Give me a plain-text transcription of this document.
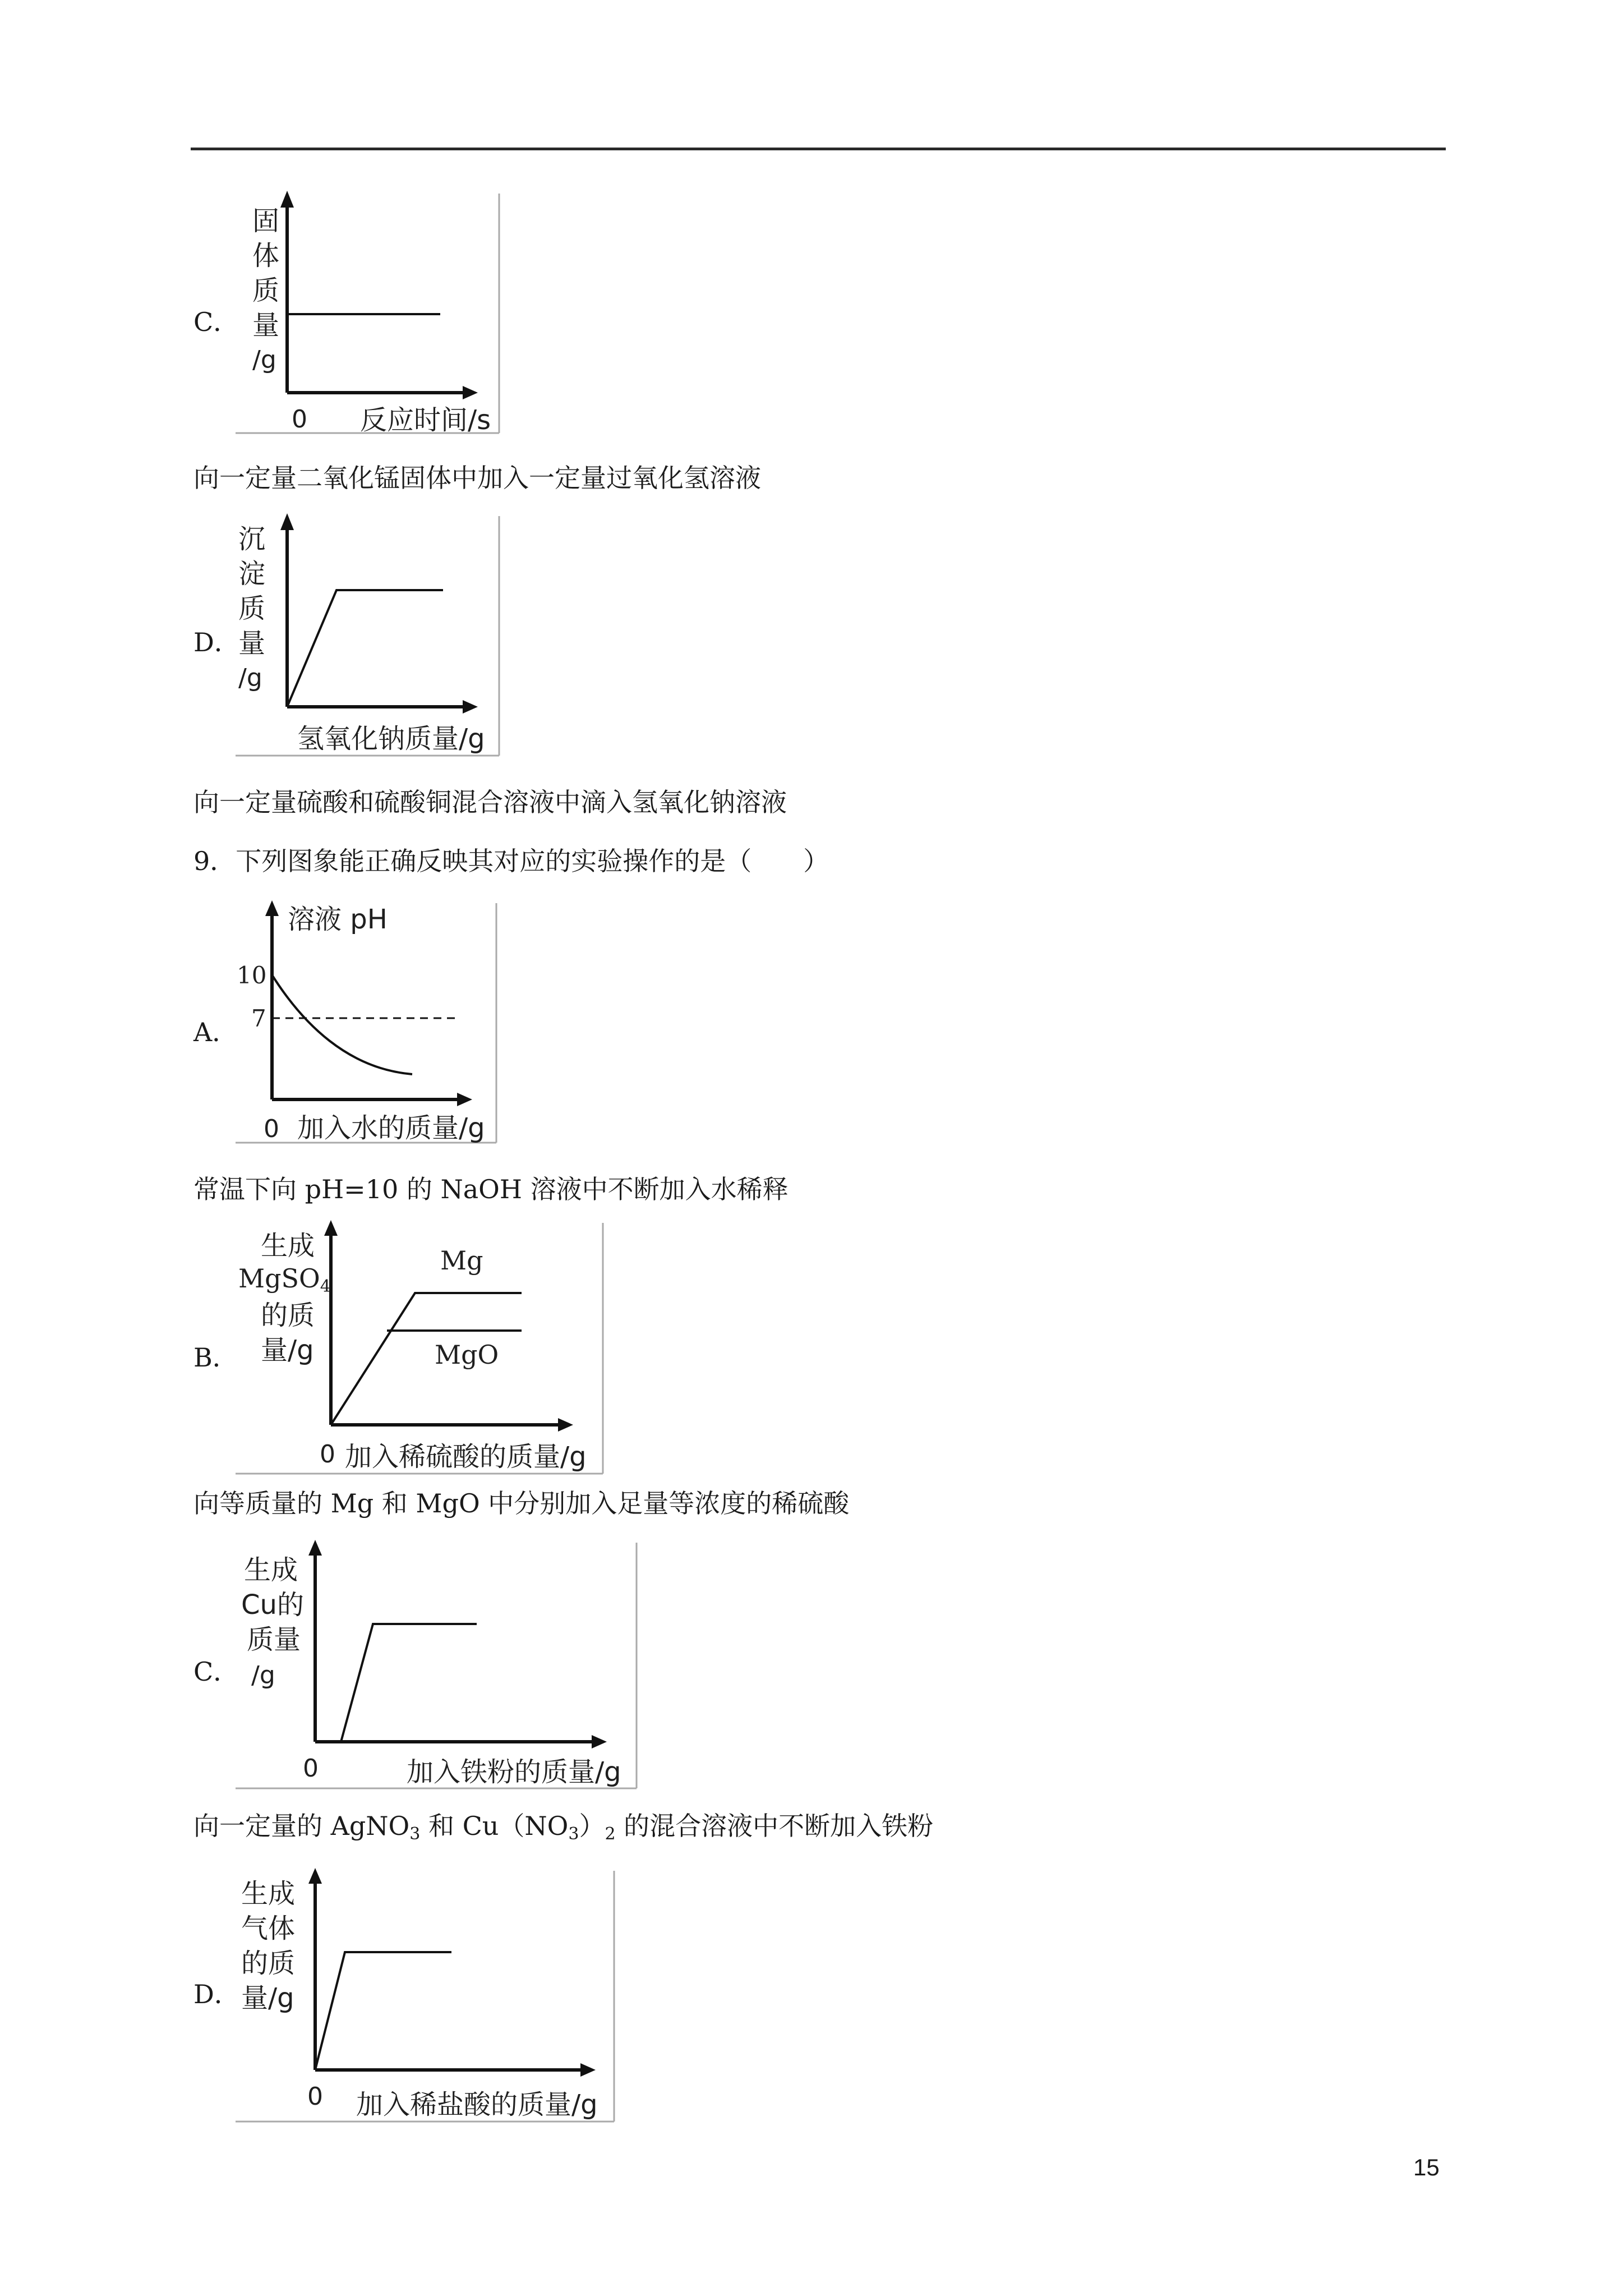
C．
固
体
质
量
/g
0 反应时间/s
向一定量二氧化锰固体中加入一定量过氧化氢溶液
D．
沉
淀
质
量
/g
氢氧化钠质量/g
向一定量硫酸和硫酸铜混合溶液中滴入氢氧化钠溶液
9．下列图象能正确反映其对应的实验操作的是（　　）
A．
溶液 pH
10
7
0 加入水的质量/g
常温下向 pH=10 的 NaOH 溶液中不断加入水稀释
B．
生成
MgSO4
的质
量/g
Mg
MgO
0 加入稀硫酸的质量/g
向等质量的 Mg 和 MgO 中分别加入足量等浓度的稀硫酸
C．
生成
Cu的
质量
/g
0	加入铁粉的质量/g
向一定量的 AgNO$_3$ 和 $Cu(NO_3)_2$ 的混合溶液中不断加入铁粉
D．
生成
气体
的质
量/g
0 加入稀盐酸的质量/g
15
